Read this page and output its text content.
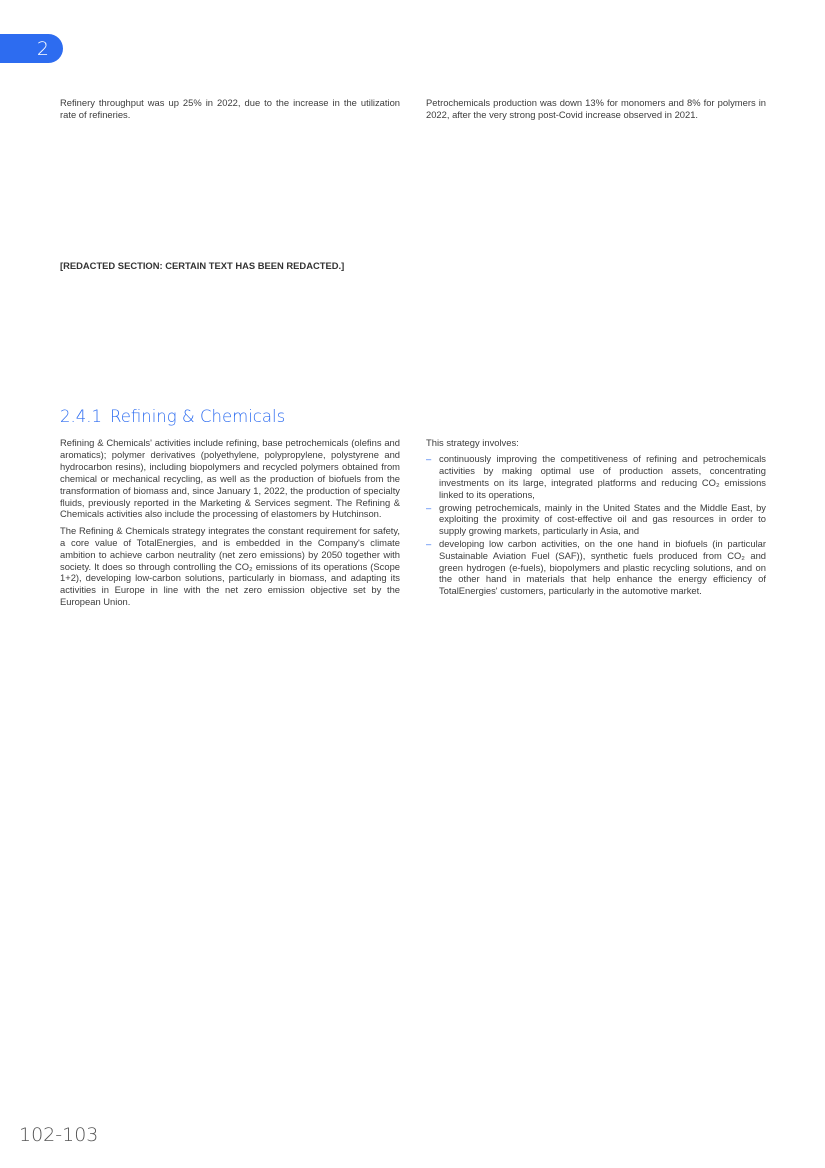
2

Refinery throughput was up 25% in 2022, due to the increase in the utilization rate of refineries.

Petrochemicals production was down 13% for monomers and 8% for polymers in 2022, after the very strong post-Covid increase observed in 2021.

[REDACTED SECTION: CERTAIN TEXT HAS BEEN REDACTED.]
2.4.1 Refining & Chemicals

Refining & Chemicals' activities include refining, base petrochemicals (olefins and aromatics); polymer derivatives (polyethylene, polypropylene, polystyrene and hydrocarbon resins), including biopolymers and recycled polymers obtained from chemical or mechanical recycling, as well as the production of biofuels from the transformation of biomass and, since January 1, 2022, the production of specialty fluids, previously reported in the Marketing & Services segment. The Refining & Chemicals activities also include the processing of elastomers by Hutchinson.

The Refining & Chemicals strategy integrates the constant requirement for safety, a core value of TotalEnergies, and is embedded in the Company's climate ambition to achieve carbon neutrality (net zero emissions) by 2050 together with society. It does so through controlling the CO₂ emissions of its operations (Scope 1+2), developing low-carbon solutions, particularly in biomass, and adapting its activities in Europe in line with the net zero emission objective set by the European Union.

This strategy involves:

– continuously improving the competitiveness of refining and petrochemicals activities by making optimal use of production assets, concentrating investments on its large, integrated platforms and reducing CO₂ emissions linked to its operations,
– growing petrochemicals, mainly in the United States and the Middle East, by exploiting the proximity of cost-effective oil and gas resources in order to supply growing markets, particularly in Asia, and
– developing low carbon activities, on the one hand in biofuels (in particular Sustainable Aviation Fuel (SAF)), synthetic fuels produced from CO₂ and green hydrogen (e-fuels), biopolymers and plastic recycling solutions, and on the other hand in materials that help enhance the energy efficiency of TotalEnergies' customers, particularly in the automotive market.
102-103
